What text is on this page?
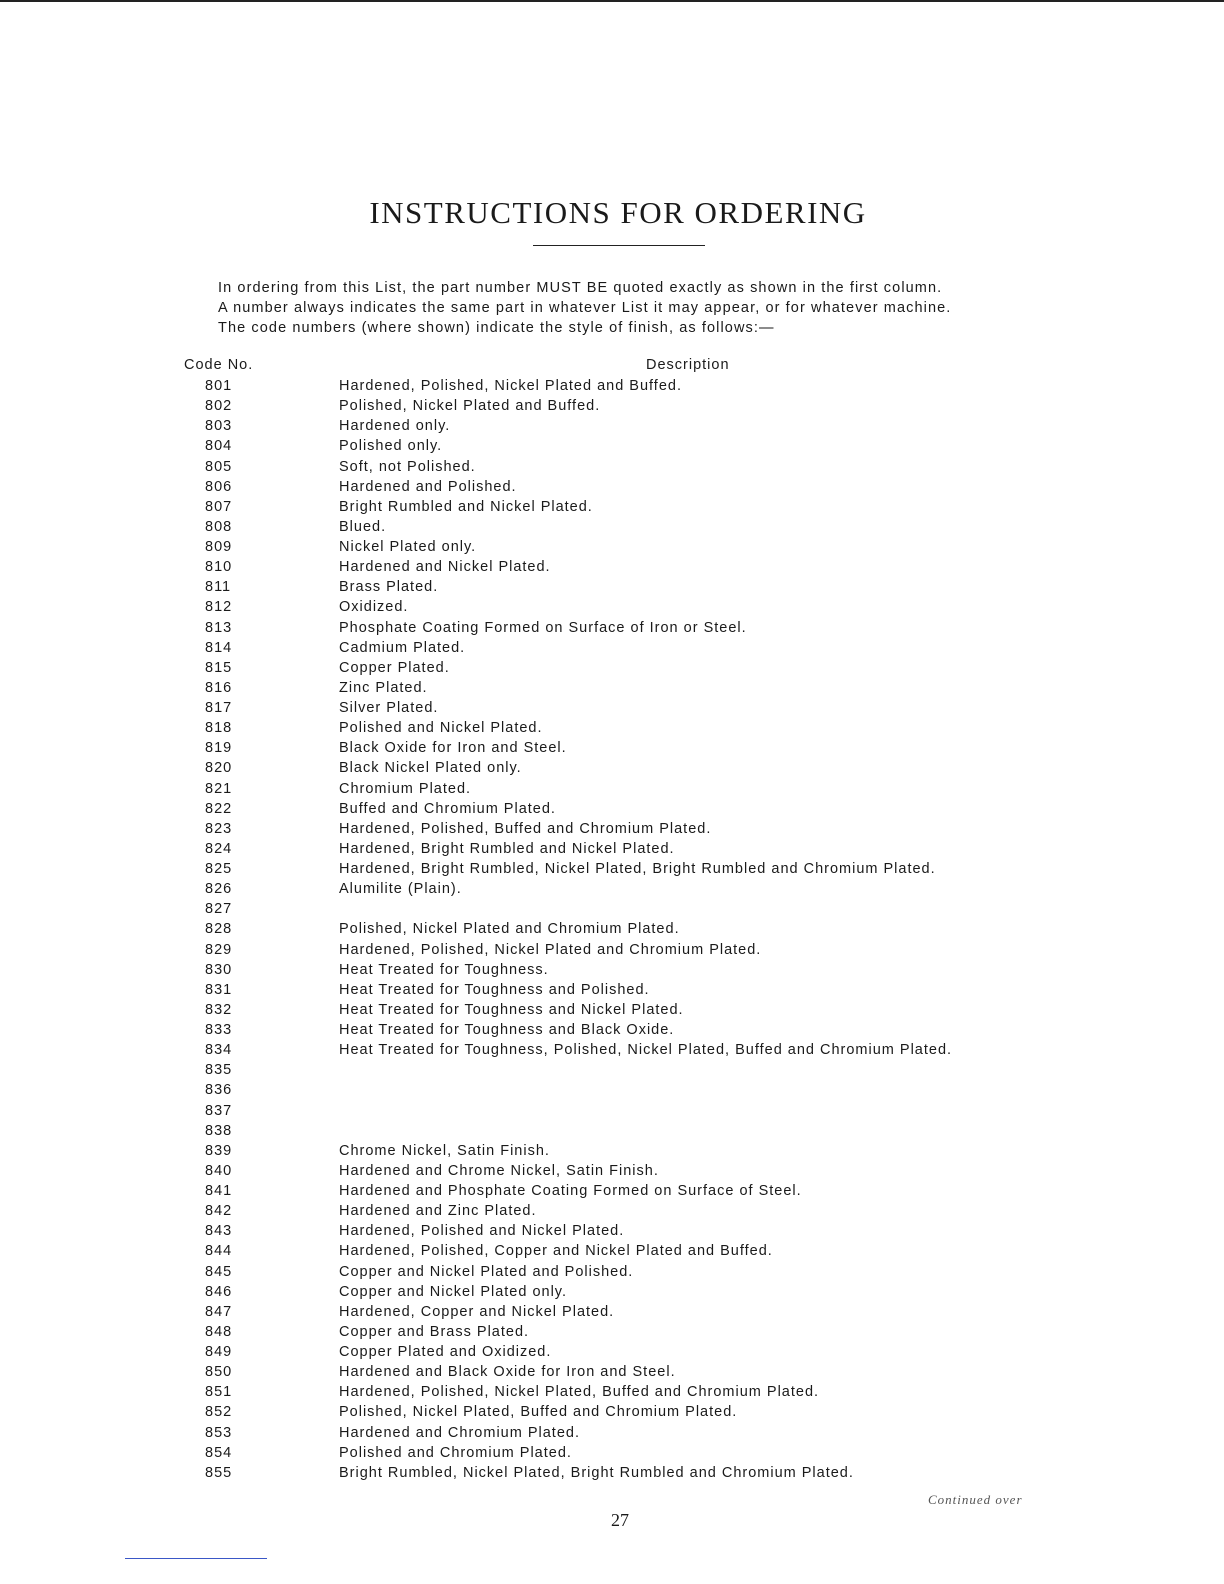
INSTRUCTIONS FOR ORDERING
In ordering from this List, the part number MUST BE quoted exactly as shown in the first column.
A number always indicates the same part in whatever List it may appear, or for whatever machine.
The code numbers (where shown) indicate the style of finish, as follows:—
Code No.	Description
801	Hardened, Polished, Nickel Plated and Buffed.
802	Polished, Nickel Plated and Buffed.
803	Hardened only.
804	Polished only.
805	Soft, not Polished.
806	Hardened and Polished.
807	Bright Rumbled and Nickel Plated.
808	Blued.
809	Nickel Plated only.
810	Hardened and Nickel Plated.
811	Brass Plated.
812	Oxidized.
813	Phosphate Coating Formed on Surface of Iron or Steel.
814	Cadmium Plated.
815	Copper Plated.
816	Zinc Plated.
817	Silver Plated.
818	Polished and Nickel Plated.
819	Black Oxide for Iron and Steel.
820	Black Nickel Plated only.
821	Chromium Plated.
822	Buffed and Chromium Plated.
823	Hardened, Polished, Buffed and Chromium Plated.
824	Hardened, Bright Rumbled and Nickel Plated.
825	Hardened, Bright Rumbled, Nickel Plated, Bright Rumbled and Chromium Plated.
826	Alumilite (Plain).
827
828	Polished, Nickel Plated and Chromium Plated.
829	Hardened, Polished, Nickel Plated and Chromium Plated.
830	Heat Treated for Toughness.
831	Heat Treated for Toughness and Polished.
832	Heat Treated for Toughness and Nickel Plated.
833	Heat Treated for Toughness and Black Oxide.
834	Heat Treated for Toughness, Polished, Nickel Plated, Buffed and Chromium Plated.
835
836
837
838
839	Chrome Nickel, Satin Finish.
840	Hardened and Chrome Nickel, Satin Finish.
841	Hardened and Phosphate Coating Formed on Surface of Steel.
842	Hardened and Zinc Plated.
843	Hardened, Polished and Nickel Plated.
844	Hardened, Polished, Copper and Nickel Plated and Buffed.
845	Copper and Nickel Plated and Polished.
846	Copper and Nickel Plated only.
847	Hardened, Copper and Nickel Plated.
848	Copper and Brass Plated.
849	Copper Plated and Oxidized.
850	Hardened and Black Oxide for Iron and Steel.
851	Hardened, Polished, Nickel Plated, Buffed and Chromium Plated.
852	Polished, Nickel Plated, Buffed and Chromium Plated.
853	Hardened and Chromium Plated.
854	Polished and Chromium Plated.
855	Bright Rumbled, Nickel Plated, Bright Rumbled and Chromium Plated.
Continued over
27
